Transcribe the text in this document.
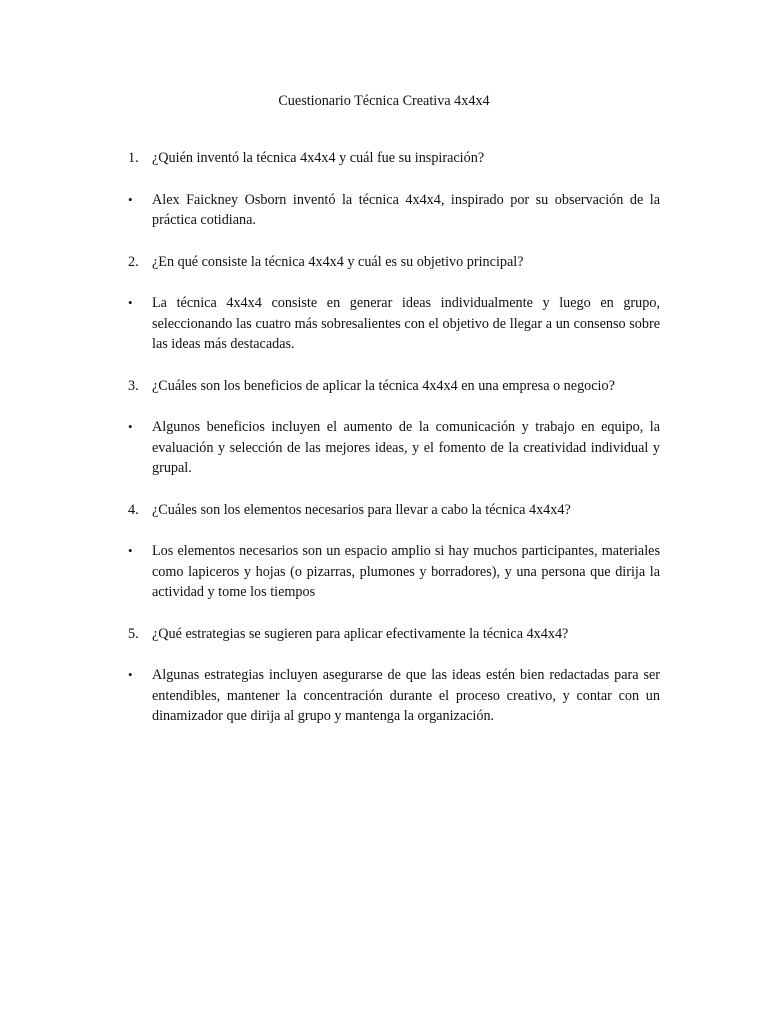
Cuestionario Técnica Creativa 4x4x4
1. ¿Quién inventó la técnica 4x4x4 y cuál fue su inspiración?
•	Alex Faickney Osborn inventó la técnica 4x4x4, inspirado por su observación de la práctica cotidiana.
2. ¿En qué consiste la técnica 4x4x4 y cuál es su objetivo principal?
•	La técnica 4x4x4 consiste en generar ideas individualmente y luego en grupo, seleccionando las cuatro más sobresalientes con el objetivo de llegar a un consenso sobre las ideas más destacadas.
3. ¿Cuáles son los beneficios de aplicar la técnica 4x4x4 en una empresa o negocio?
•	Algunos beneficios incluyen el aumento de la comunicación y trabajo en equipo, la evaluación y selección de las mejores ideas, y el fomento de la creatividad individual y grupal.
4. ¿Cuáles son los elementos necesarios para llevar a cabo la técnica 4x4x4?
•	Los elementos necesarios son un espacio amplio si hay muchos participantes, materiales como lapiceros y hojas (o pizarras, plumones y borradores), y una persona que dirija la actividad y tome los tiempos
5. ¿Qué estrategias se sugieren para aplicar efectivamente la técnica 4x4x4?
•	Algunas estrategias incluyen asegurarse de que las ideas estén bien redactadas para ser entendibles, mantener la concentración durante el proceso creativo, y contar con un dinamizador que dirija al grupo y mantenga la organización.
